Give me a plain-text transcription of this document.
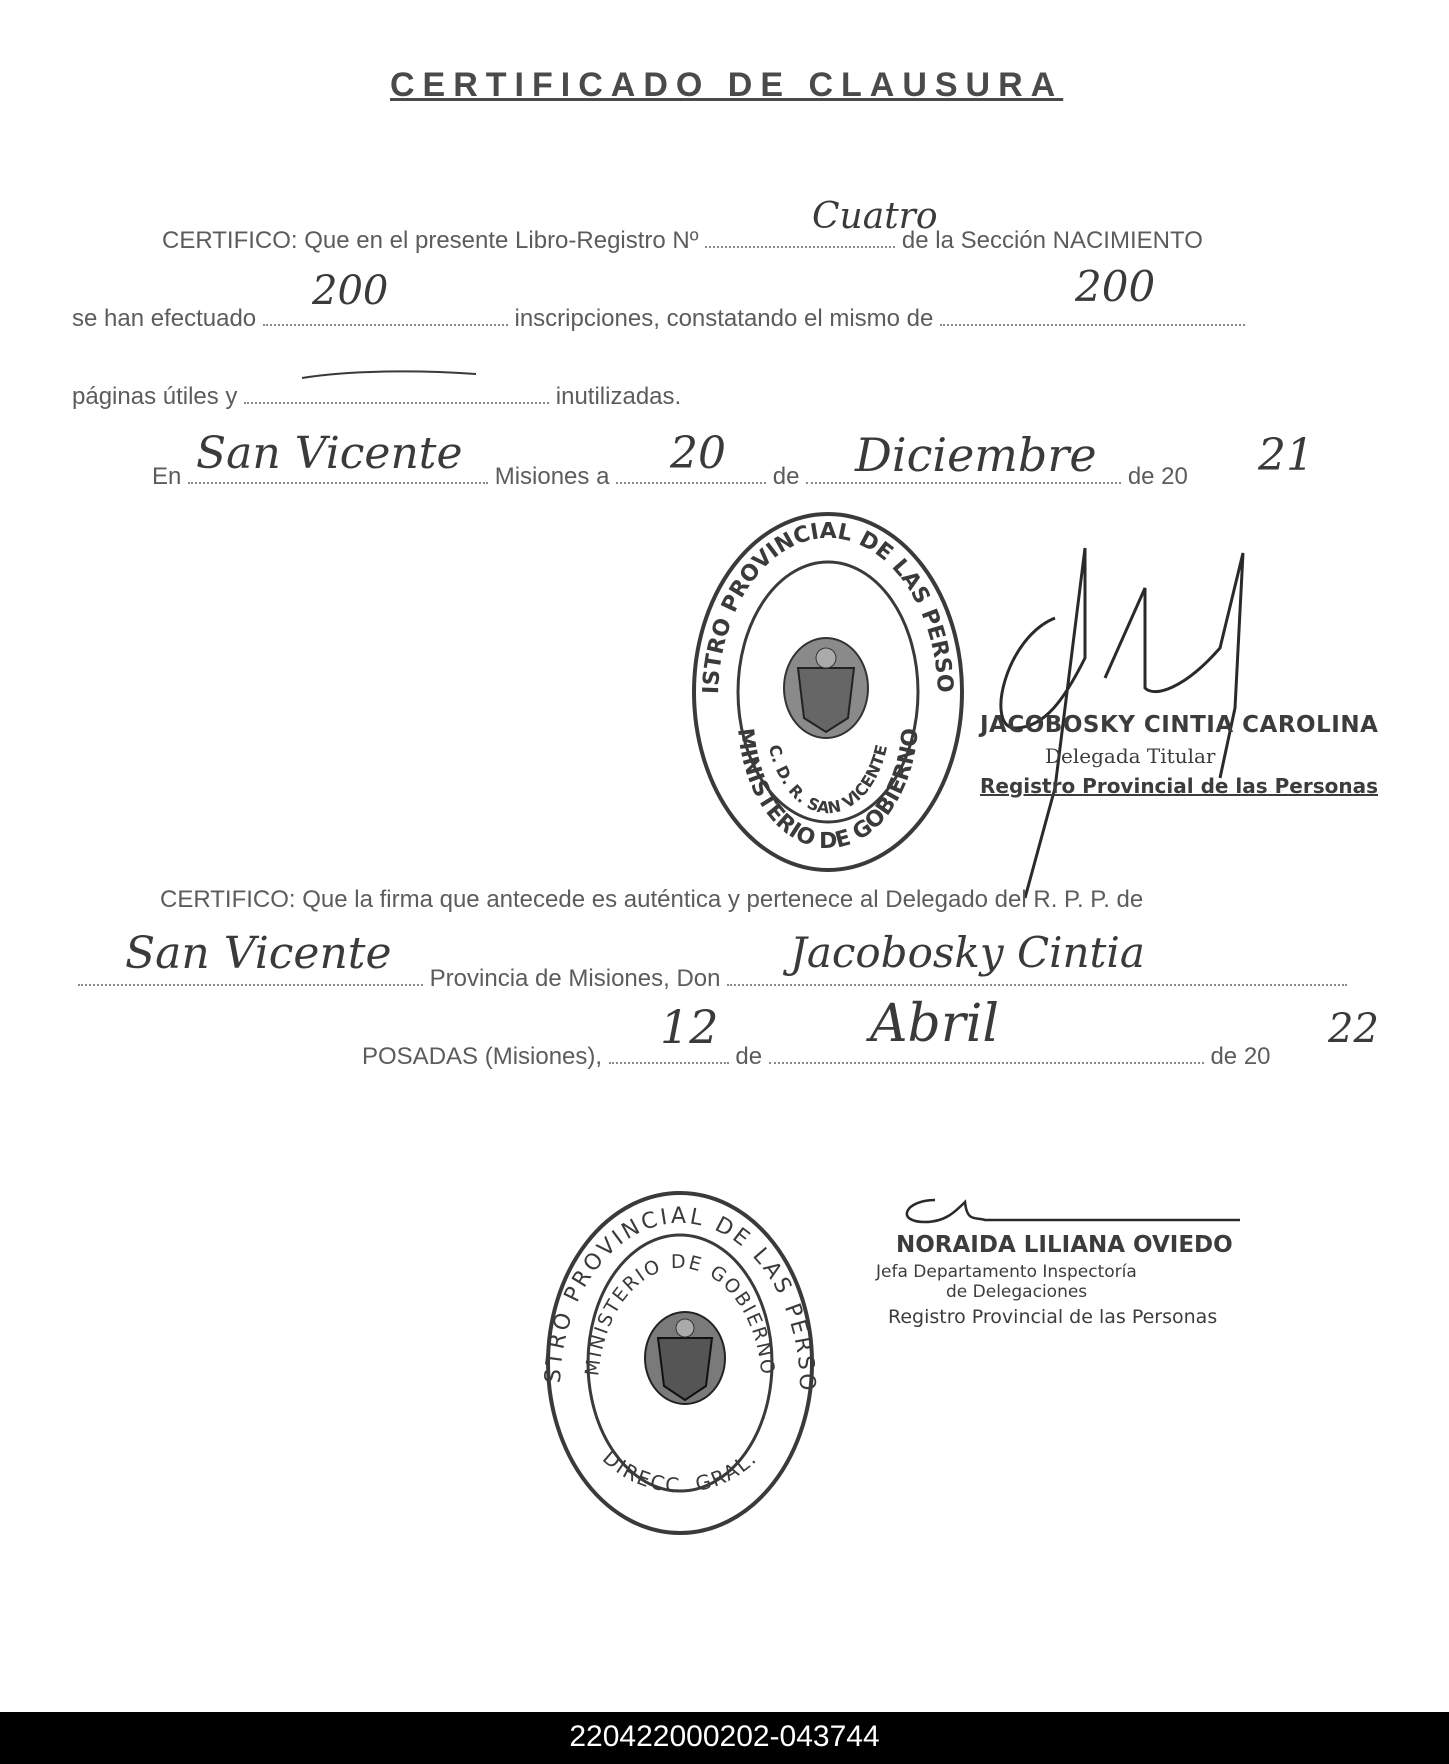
CERTIFICADO DE CLAUSURA
CERTIFICO: Que en el presente Libro-Registro Nº	de la Sección NACIMIENTO
Cuatro
se han efectuado	inscripciones, constatando el mismo de
200	200
páginas útiles y	inutilizadas.
En	Misiones a	de	de 20
San Vicente	20	Diciembre	21
REGISTRO PROVINCIAL DE LAS PERSONAS
MINISTERIO DE GOBIERNO
C. D. R. SAN VICENTE
JACOBOSKY CINTIA CAROLINA
Delegada Titular
Registro Provincial de las Personas
CERTIFICO: Que la firma que antecede es auténtica y pertenece al Delegado del R. P. P. de
Provincia de Misiones, Don
San Vicente	Jacobosky Cintia
POSADAS (Misiones),	de	de 20
12	Abril	22
REGISTRO PROVINCIAL DE LAS PERSONAS
MINISTERIO DE GOBIERNO
DIRECC. GRAL.
NORAIDA LILIANA OVIEDO
Jefa Departamento Inspectoría
de Delegaciones
Registro Provincial de las Personas
220422000202-043744
